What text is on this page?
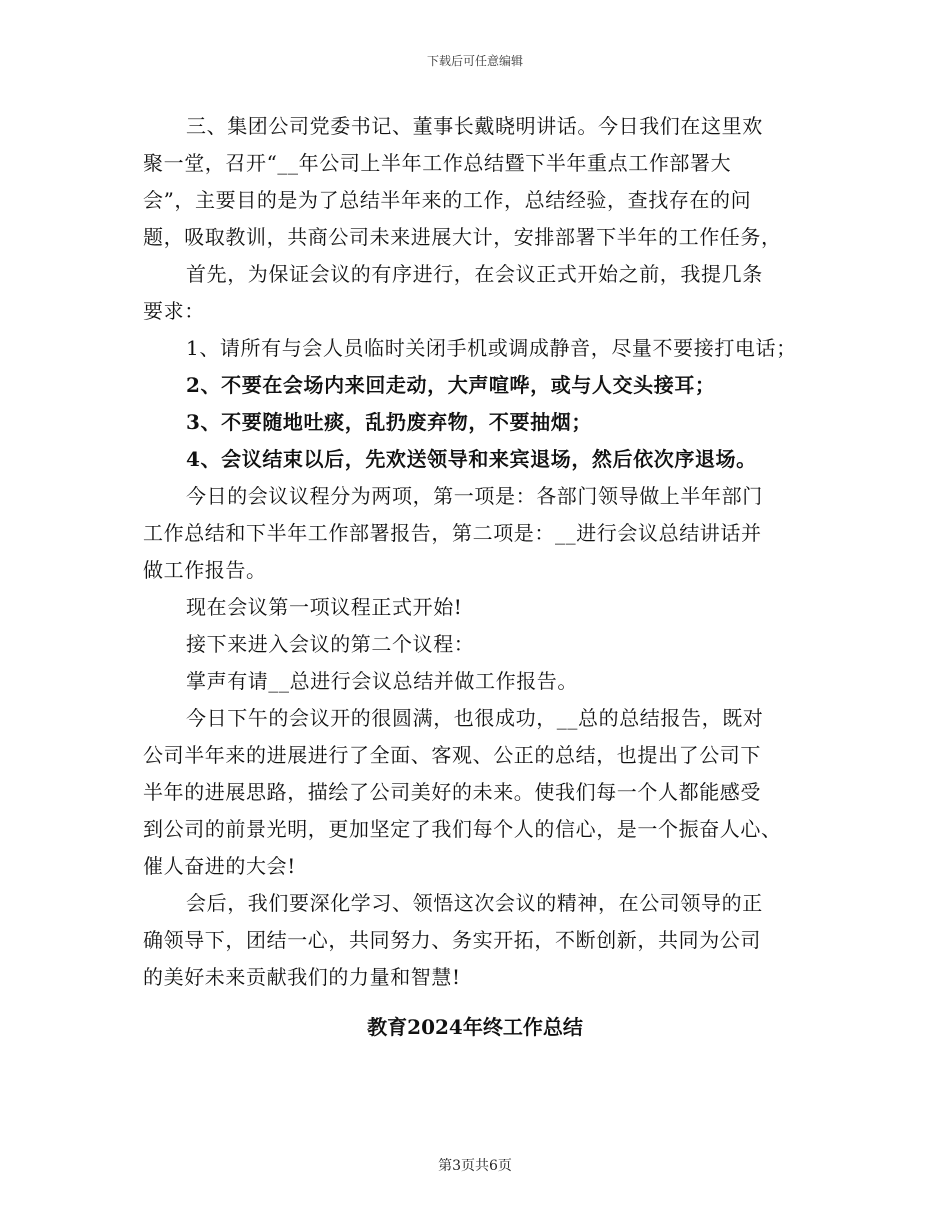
下载后可任意编辑
三、集团公司党委书记、董事长戴晓明讲话。今日我们在这里欢
聚一堂，召开“__年公司上半年工作总结暨下半年重点工作部署大
会”，主要目的是为了总结半年来的工作，总结经验，查找存在的问
题，吸取教训，共商公司未来进展大计，安排部署下半年的工作任务，
首先，为保证会议的有序进行，在会议正式开始之前，我提几条
要求：
1、请所有与会人员临时关闭手机或调成静音，尽量不要接打电话；
2、不要在会场内来回走动，大声喧哗，或与人交头接耳；
3、不要随地吐痰，乱扔废弃物，不要抽烟；
4、会议结束以后，先欢送领导和来宾退场，然后依次序退场。
今日的会议议程分为两项，第一项是：各部门领导做上半年部门
工作总结和下半年工作部署报告，第二项是：__进行会议总结讲话并
做工作报告。
现在会议第一项议程正式开始!
接下来进入会议的第二个议程：
掌声有请__总进行会议总结并做工作报告。
今日下午的会议开的很圆满，也很成功，__总的总结报告，既对
公司半年来的进展进行了全面、客观、公正的总结，也提出了公司下
半年的进展思路，描绘了公司美好的未来。使我们每一个人都能感受
到公司的前景光明，更加坚定了我们每个人的信心，是一个振奋人心、
催人奋进的大会!
会后，我们要深化学习、领悟这次会议的精神，在公司领导的正
确领导下，团结一心，共同努力、务实开拓，不断创新，共同为公司
的美好未来贡献我们的力量和智慧!
教育2024年终工作总结
第3页共6页
